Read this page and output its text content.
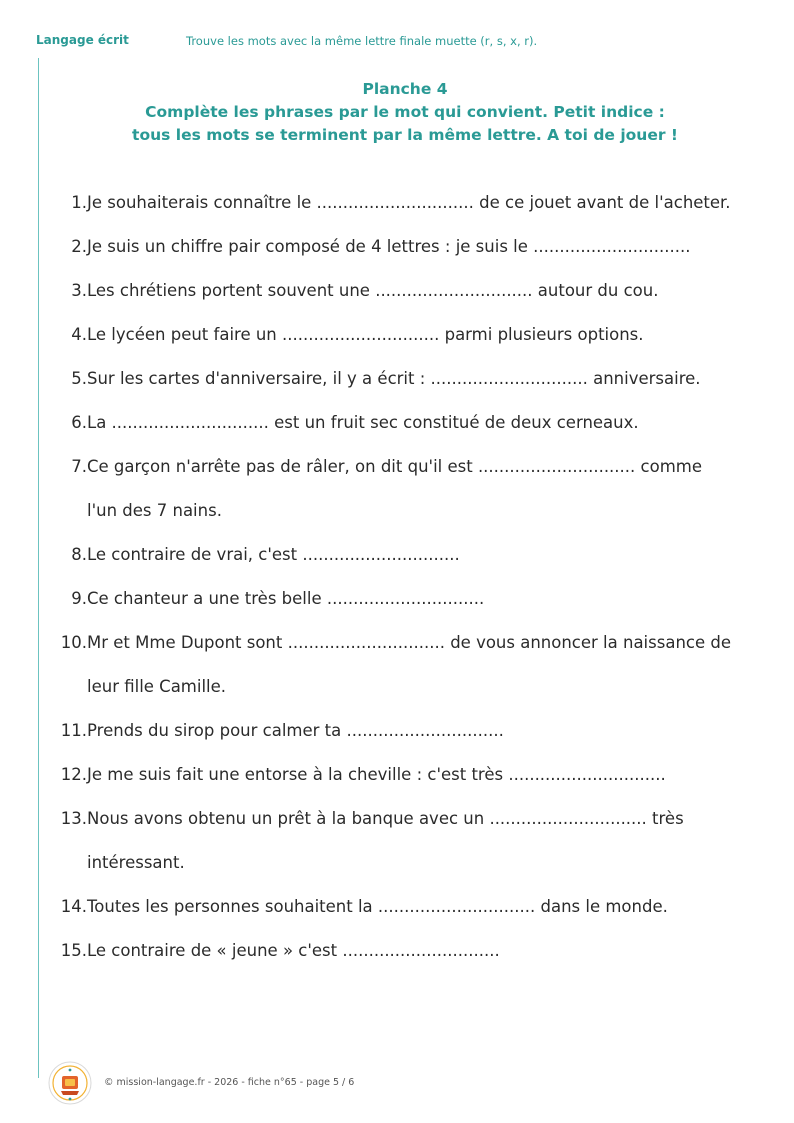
Langage écrit	Trouve les mots avec la même lettre finale muette (r, s, x, r).
Planche 4
Complète les phrases par le mot qui convient. Petit indice :
tous les mots se terminent par la même lettre. A toi de jouer !
1. Je souhaiterais connaître le .............................. de ce jouet avant de l'acheter.
2. Je suis un chiffre pair composé de 4 lettres : je suis le ..............................
3. Les chrétiens portent souvent une .............................. autour du cou.
4. Le lycéen peut faire un .............................. parmi plusieurs options.
5. Sur les cartes d'anniversaire, il y a écrit : .............................. anniversaire.
6. La .............................. est un fruit sec constitué de deux cerneaux.
7. Ce garçon n'arrête pas de râler, on dit qu'il est .............................. comme
l'un des 7 nains.
8. Le contraire de vrai, c'est ..............................
9. Ce chanteur a une très belle ..............................
10. Mr et Mme Dupont sont .............................. de vous annoncer la naissance de
leur fille Camille.
11. Prends du sirop pour calmer ta ..............................
12. Je me suis fait une entorse à la cheville : c'est très ..............................
13. Nous avons obtenu un prêt à la banque avec un .............................. très
intéressant.
14. Toutes les personnes souhaitent la .............................. dans le monde.
15. Le contraire de « jeune » c'est ..............................
© mission-langage.fr - 2026 - fiche n°65 - page 5 / 6
